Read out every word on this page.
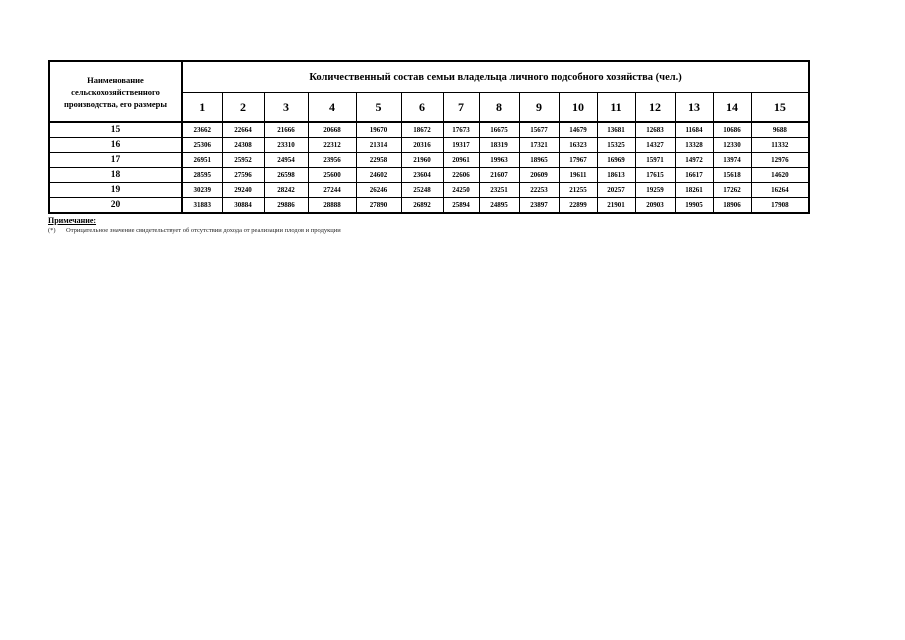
Наименование сельскохозяйственного производства, его размеры	Количественный состав семьи владельца личного подсобного хозяйства (чел.)														
	1	2	3	4	5	6	7	8	9	10	11	12	13	14	15
15	23662	22664	21666	20668	19670	18672	17673	16675	15677	14679	13681	12683	11684	10686	9688
16	25306	24308	23310	22312	21314	20316	19317	18319	17321	16323	15325	14327	13328	12330	11332
17	26951	25952	24954	23956	22958	21960	20961	19963	18965	17967	16969	15971	14972	13974	12976
18	28595	27596	26598	25600	24602	23604	22606	21607	20609	19611	18613	17615	16617	15618	14620
19	30239	29240	28242	27244	26246	25248	24250	23251	22253	21255	20257	19259	18261	17262	16264
20	31883	30884	29886	28888	27890	26892	25894	24895	23897	22899	21901	20903	19905	18906	17908
Примечание:
(*) Отрицательное значение свидетельствует об отсутствии дохода от реализации плодов и продукции
